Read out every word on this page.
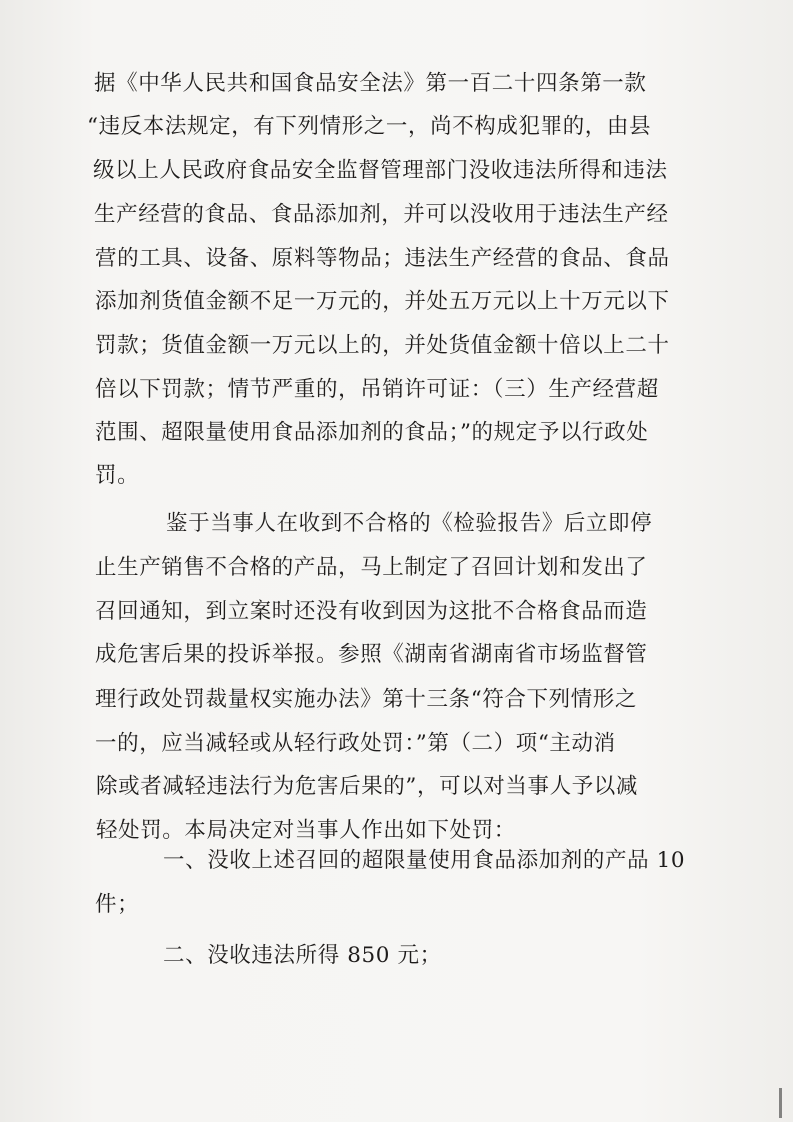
据《中华人民共和国食品安全法》第一百二十四条第一款
“违反本法规定，有下列情形之一，尚不构成犯罪的，由县
级以上人民政府食品安全监督管理部门没收违法所得和违法
生产经营的食品、食品添加剂，并可以没收用于违法生产经
营的工具、设备、原料等物品；违法生产经营的食品、食品
添加剂货值金额不足一万元的，并处五万元以上十万元以下
罚款；货值金额一万元以上的，并处货值金额十倍以上二十
倍以下罚款；情节严重的，吊销许可证：（三）生产经营超
范围、超限量使用食品添加剂的食品；”的规定予以行政处
罚。
鉴于当事人在收到不合格的《检验报告》后立即停
止生产销售不合格的产品，马上制定了召回计划和发出了
召回通知，到立案时还没有收到因为这批不合格食品而造
成危害后果的投诉举报。参照《湖南省湖南省市场监督管
理行政处罚裁量权实施办法》第十三条“符合下列情形之
一的，应当减轻或从轻行政处罚：”第（二）项“主动消
除或者减轻违法行为危害后果的”，可以对当事人予以减
轻处罚。本局决定对当事人作出如下处罚：
一、没收上述召回的超限量使用食品添加剂的产品 10
件；
二、没收违法所得 850 元；
